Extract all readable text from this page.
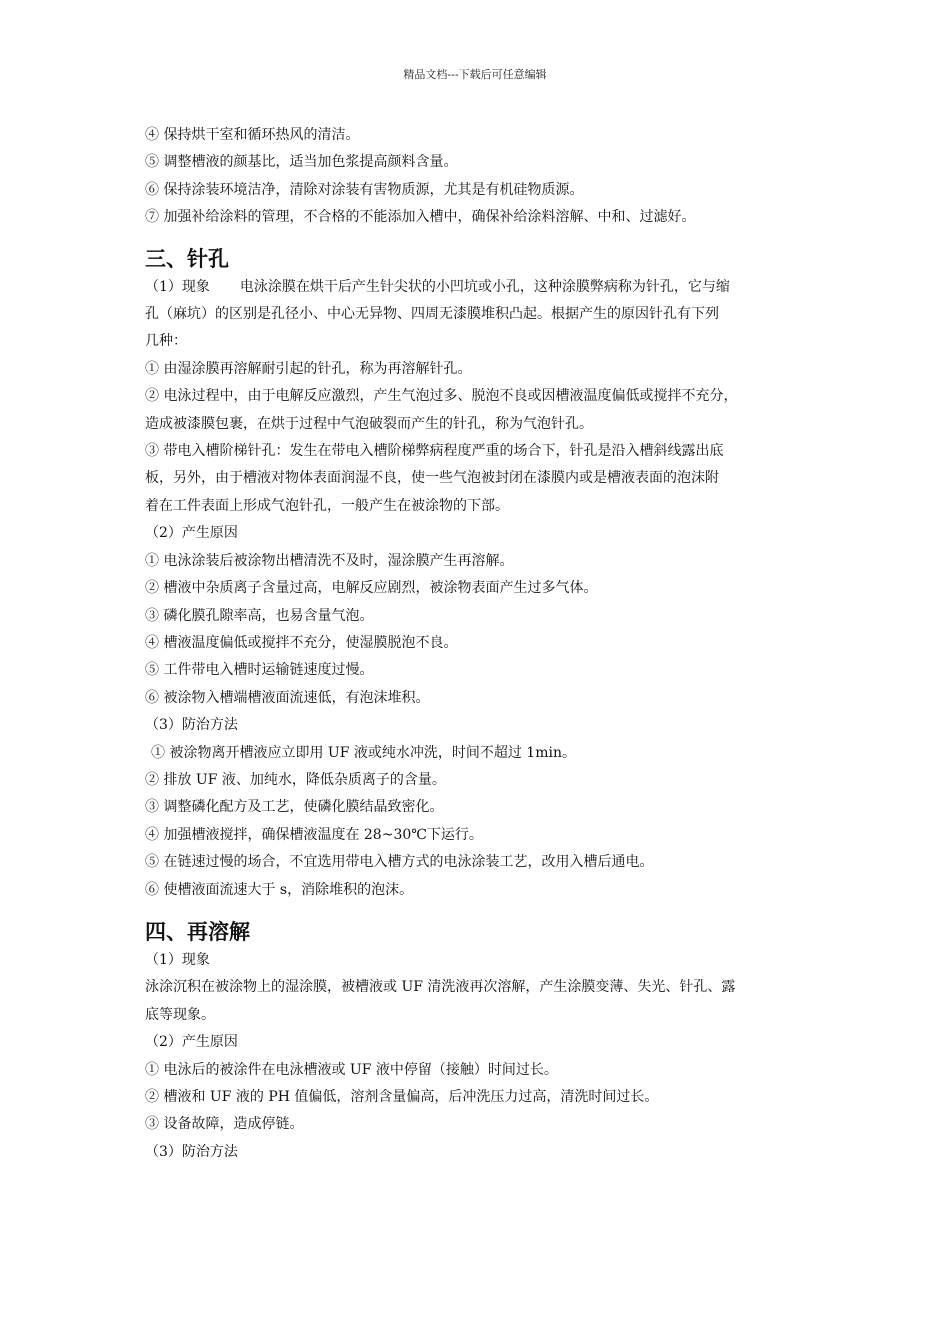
精品文档---下载后可任意编辑

④ 保持烘干室和循环热风的清洁。

⑤ 调整槽液的颜基比，适当加色浆提高颜料含量。

⑥ 保持涂装环境洁净，清除对涂装有害物质源，尤其是有机硅物质源。

⑦ 加强补给涂料的管理，不合格的不能添加入槽中，确保补给涂料溶解、中和、过滤好。

三、针孔

（1）现象 电泳涂膜在烘干后产生针尖状的小凹坑或小孔，这种涂膜弊病称为针孔，它与缩

孔（麻坑）的区别是孔径小、中心无异物、四周无漆膜堆积凸起。根据产生的原因针孔有下列

几种：

① 由湿涂膜再溶解耐引起的针孔，称为再溶解针孔。

② 电泳过程中，由于电解反应激烈，产生气泡过多、脱泡不良或因槽液温度偏低或搅拌不充分，

造成被漆膜包裹，在烘于过程中气泡破裂而产生的针孔，称为气泡针孔。

③ 带电入槽阶梯针孔：发生在带电入槽阶梯弊病程度严重的场合下，针孔是沿入槽斜线露出底

板，另外，由于槽液对物体表面润湿不良，使一些气泡被封闭在漆膜内或是槽液表面的泡沫附

着在工件表面上形成气泡针孔，一般产生在被涂物的下部。

（2）产生原因

① 电泳涂装后被涂物出槽清洗不及时，湿涂膜产生再溶解。

② 槽液中杂质离子含量过高，电解反应剧烈，被涂物表面产生过多气体。

③ 磷化膜孔隙率高，也易含量气泡。

④ 槽液温度偏低或搅拌不充分，使湿膜脱泡不良。

⑤ 工件带电入槽时运输链速度过慢。

⑥ 被涂物入槽端槽液面流速低，有泡沫堆积。

（3）防治方法

① 被涂物离开槽液应立即用 UF 液或纯水冲洗，时间不超过 1min。

② 排放 UF 液、加纯水，降低杂质离子的含量。

③ 调整磷化配方及工艺，使磷化膜结晶致密化。

④ 加强槽液搅拌，确保槽液温度在 28~30℃下运行。

⑤ 在链速过慢的场合，不宜选用带电入槽方式的电泳涂装工艺，改用入槽后通电。

⑥ 使槽液面流速大于 s，消除堆积的泡沫。

四、再溶解

（1）现象

泳涂沉积在被涂物上的湿涂膜，被槽液或 UF 清洗液再次溶解，产生涂膜变薄、失光、针孔、露

底等现象。

（2）产生原因

① 电泳后的被涂件在电泳槽液或 UF 液中停留（接触）时间过长。

② 槽液和 UF 液的 PH 值偏低，溶剂含量偏高，后冲洗压力过高，清洗时间过长。

③ 设备故障，造成停链。

（3）防治方法
